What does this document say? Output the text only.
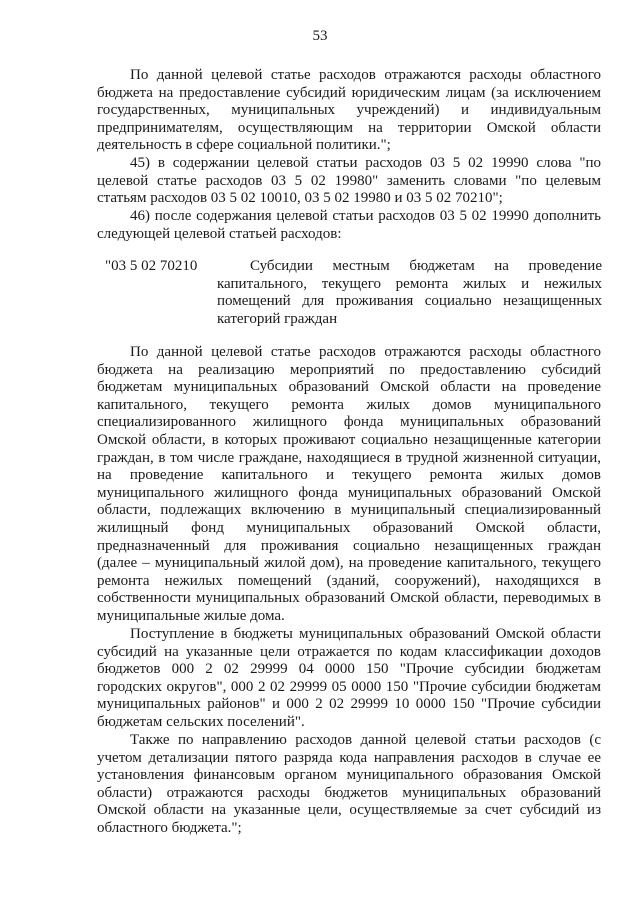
53
По данной целевой статье расходов отражаются расходы областного
бюджета на предоставление субсидий юридическим лицам (за исключением
государственных, муниципальных учреждений) и индивидуальным
предпринимателям, осуществляющим на территории Омской области
деятельность в сфере социальной политики.";
45) в содержании целевой статьи расходов 03 5 02 19990 слова "по
целевой статье расходов 03 5 02 19980" заменить словами "по целевым
статьям расходов 03 5 02 10010, 03 5 02 19980 и 03 5 02 70210";
46) после содержания целевой статьи расходов 03 5 02 19990 дополнить
следующей целевой статьей расходов:
"03 5 02 70210	Субсидии местным бюджетам на проведение
капитального, текущего ремонта жилых и нежилых
помещений для проживания социально незащищенных
категорий граждан
По данной целевой статье расходов отражаются расходы областного
бюджета на реализацию мероприятий по предоставлению субсидий
бюджетам муниципальных образований Омской области на проведение
капитального, текущего ремонта жилых домов муниципального
специализированного жилищного фонда муниципальных образований
Омской области, в которых проживают социально незащищенные категории
граждан, в том числе граждане, находящиеся в трудной жизненной ситуации,
на проведение капитального и текущего ремонта жилых домов
муниципального жилищного фонда муниципальных образований Омской
области, подлежащих включению в муниципальный специализированный
жилищный фонд муниципальных образований Омской области,
предназначенный для проживания социально незащищенных граждан
(далее – муниципальный жилой дом), на проведение капитального, текущего
ремонта нежилых помещений (зданий, сооружений), находящихся в
собственности муниципальных образований Омской области, переводимых в
муниципальные жилые дома.
Поступление в бюджеты муниципальных образований Омской области
субсидий на указанные цели отражается по кодам классификации доходов
бюджетов 000 2 02 29999 04 0000 150 "Прочие субсидии бюджетам
городских округов", 000 2 02 29999 05 0000 150 "Прочие субсидии бюджетам
муниципальных районов" и 000 2 02 29999 10 0000 150 "Прочие субсидии
бюджетам сельских поселений".
Также по направлению расходов данной целевой статьи расходов (с
учетом детализации пятого разряда кода направления расходов в случае ее
установления финансовым органом муниципального образования Омской
области) отражаются расходы бюджетов муниципальных образований
Омской области на указанные цели, осуществляемые за счет субсидий из
областного бюджета.";
